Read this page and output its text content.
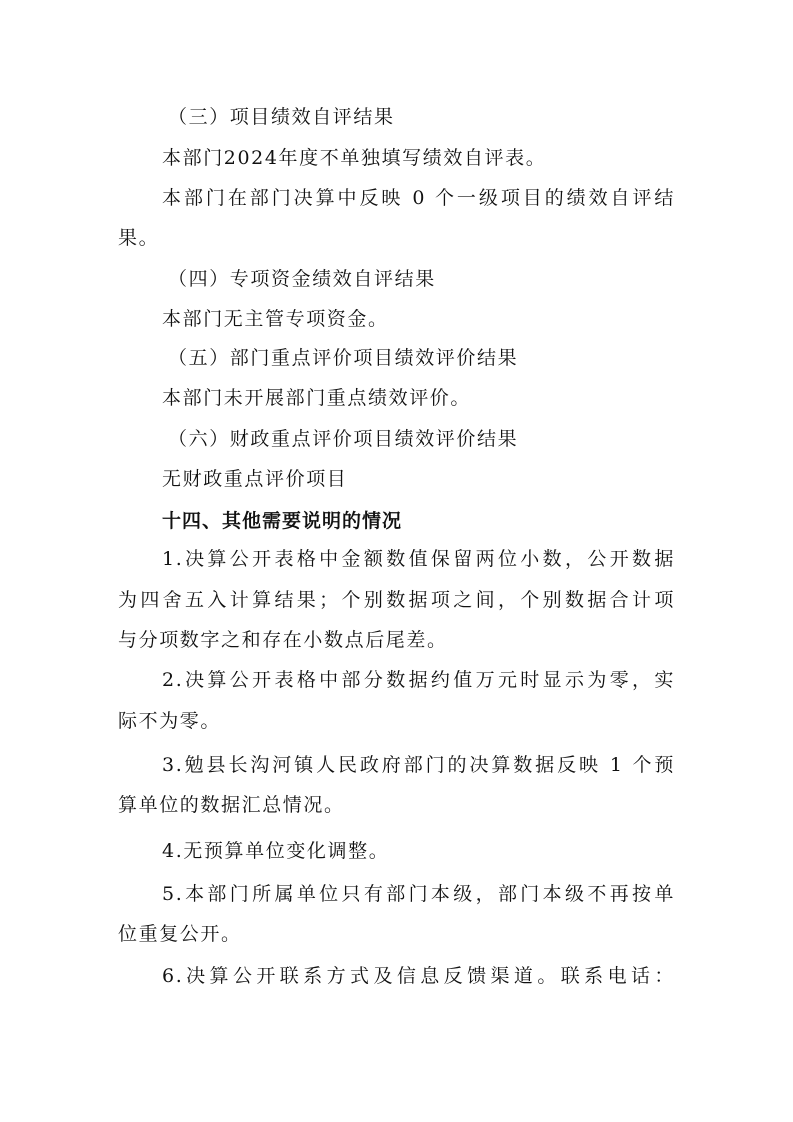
（三）项目绩效自评结果
本部门2024年度不单独填写绩效自评表。
本部门在部门决算中反映 0 个一级项目的绩效自评结
果。
（四）专项资金绩效自评结果
本部门无主管专项资金。
（五）部门重点评价项目绩效评价结果
本部门未开展部门重点绩效评价。
（六）财政重点评价项目绩效评价结果
无财政重点评价项目
十四、其他需要说明的情况
1.决算公开表格中金额数值保留两位小数，公开数据
为四舍五入计算结果；个别数据项之间，个别数据合计项
与分项数字之和存在小数点后尾差。
2.决算公开表格中部分数据约值万元时显示为零，实
际不为零。
3.勉县长沟河镇人民政府部门的决算数据反映 1 个预
算单位的数据汇总情况。
4.无预算单位变化调整。
5.本部门所属单位只有部门本级，部门本级不再按单
位重复公开。
6.决算公开联系方式及信息反馈渠道。联系电话：
